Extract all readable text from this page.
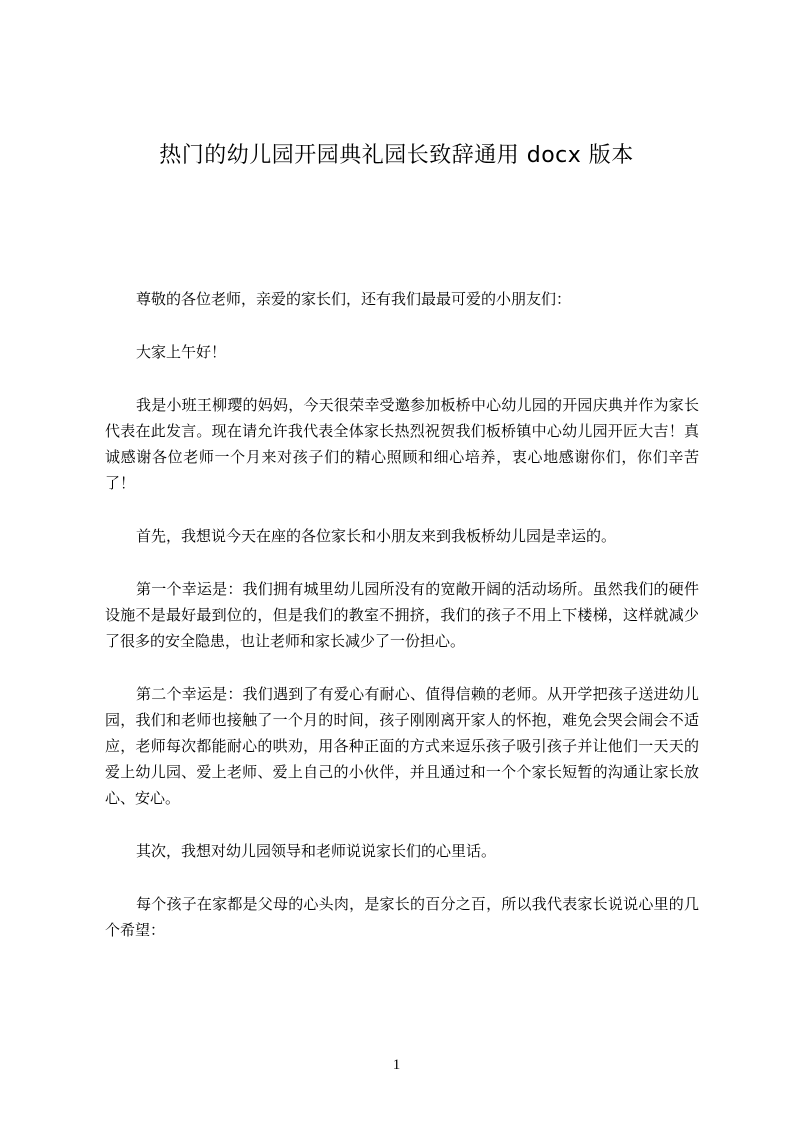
热门的幼儿园开园典礼园长致辞通用 docx 版本

尊敬的各位老师，亲爱的家长们，还有我们最最可爱的小朋友们：

大家上午好！

我是小班王柳璎的妈妈，今天很荣幸受邀参加板桥中心幼儿园的开园庆典并作为家长代表在此发言。现在请允许我代表全体家长热烈祝贺我们板桥镇中心幼儿园开匠大吉！真诚感谢各位老师一个月来对孩子们的精心照顾和细心培养，衷心地感谢你们，你们辛苦了！

首先，我想说今天在座的各位家长和小朋友来到我板桥幼儿园是幸运的。

第一个幸运是：我们拥有城里幼儿园所没有的宽敞开阔的活动场所。虽然我们的硬件设施不是最好最到位的，但是我们的教室不拥挤，我们的孩子不用上下楼梯，这样就减少了很多的安全隐患，也让老师和家长减少了一份担心。

第二个幸运是：我们遇到了有爱心有耐心、值得信赖的老师。从开学把孩子送进幼儿园，我们和老师也接触了一个月的时间，孩子刚刚离开家人的怀抱，难免会哭会闹会不适应，老师每次都能耐心的哄劝，用各种正面的方式来逗乐孩子吸引孩子并让他们一天天的爱上幼儿园、爱上老师、爱上自己的小伙伴，并且通过和一个个家长短暂的沟通让家长放心、安心。

其次，我想对幼儿园领导和老师说说家长们的心里话。

每个孩子在家都是父母的心头肉，是家长的百分之百，所以我代表家长说说心里的几个希望：

1
